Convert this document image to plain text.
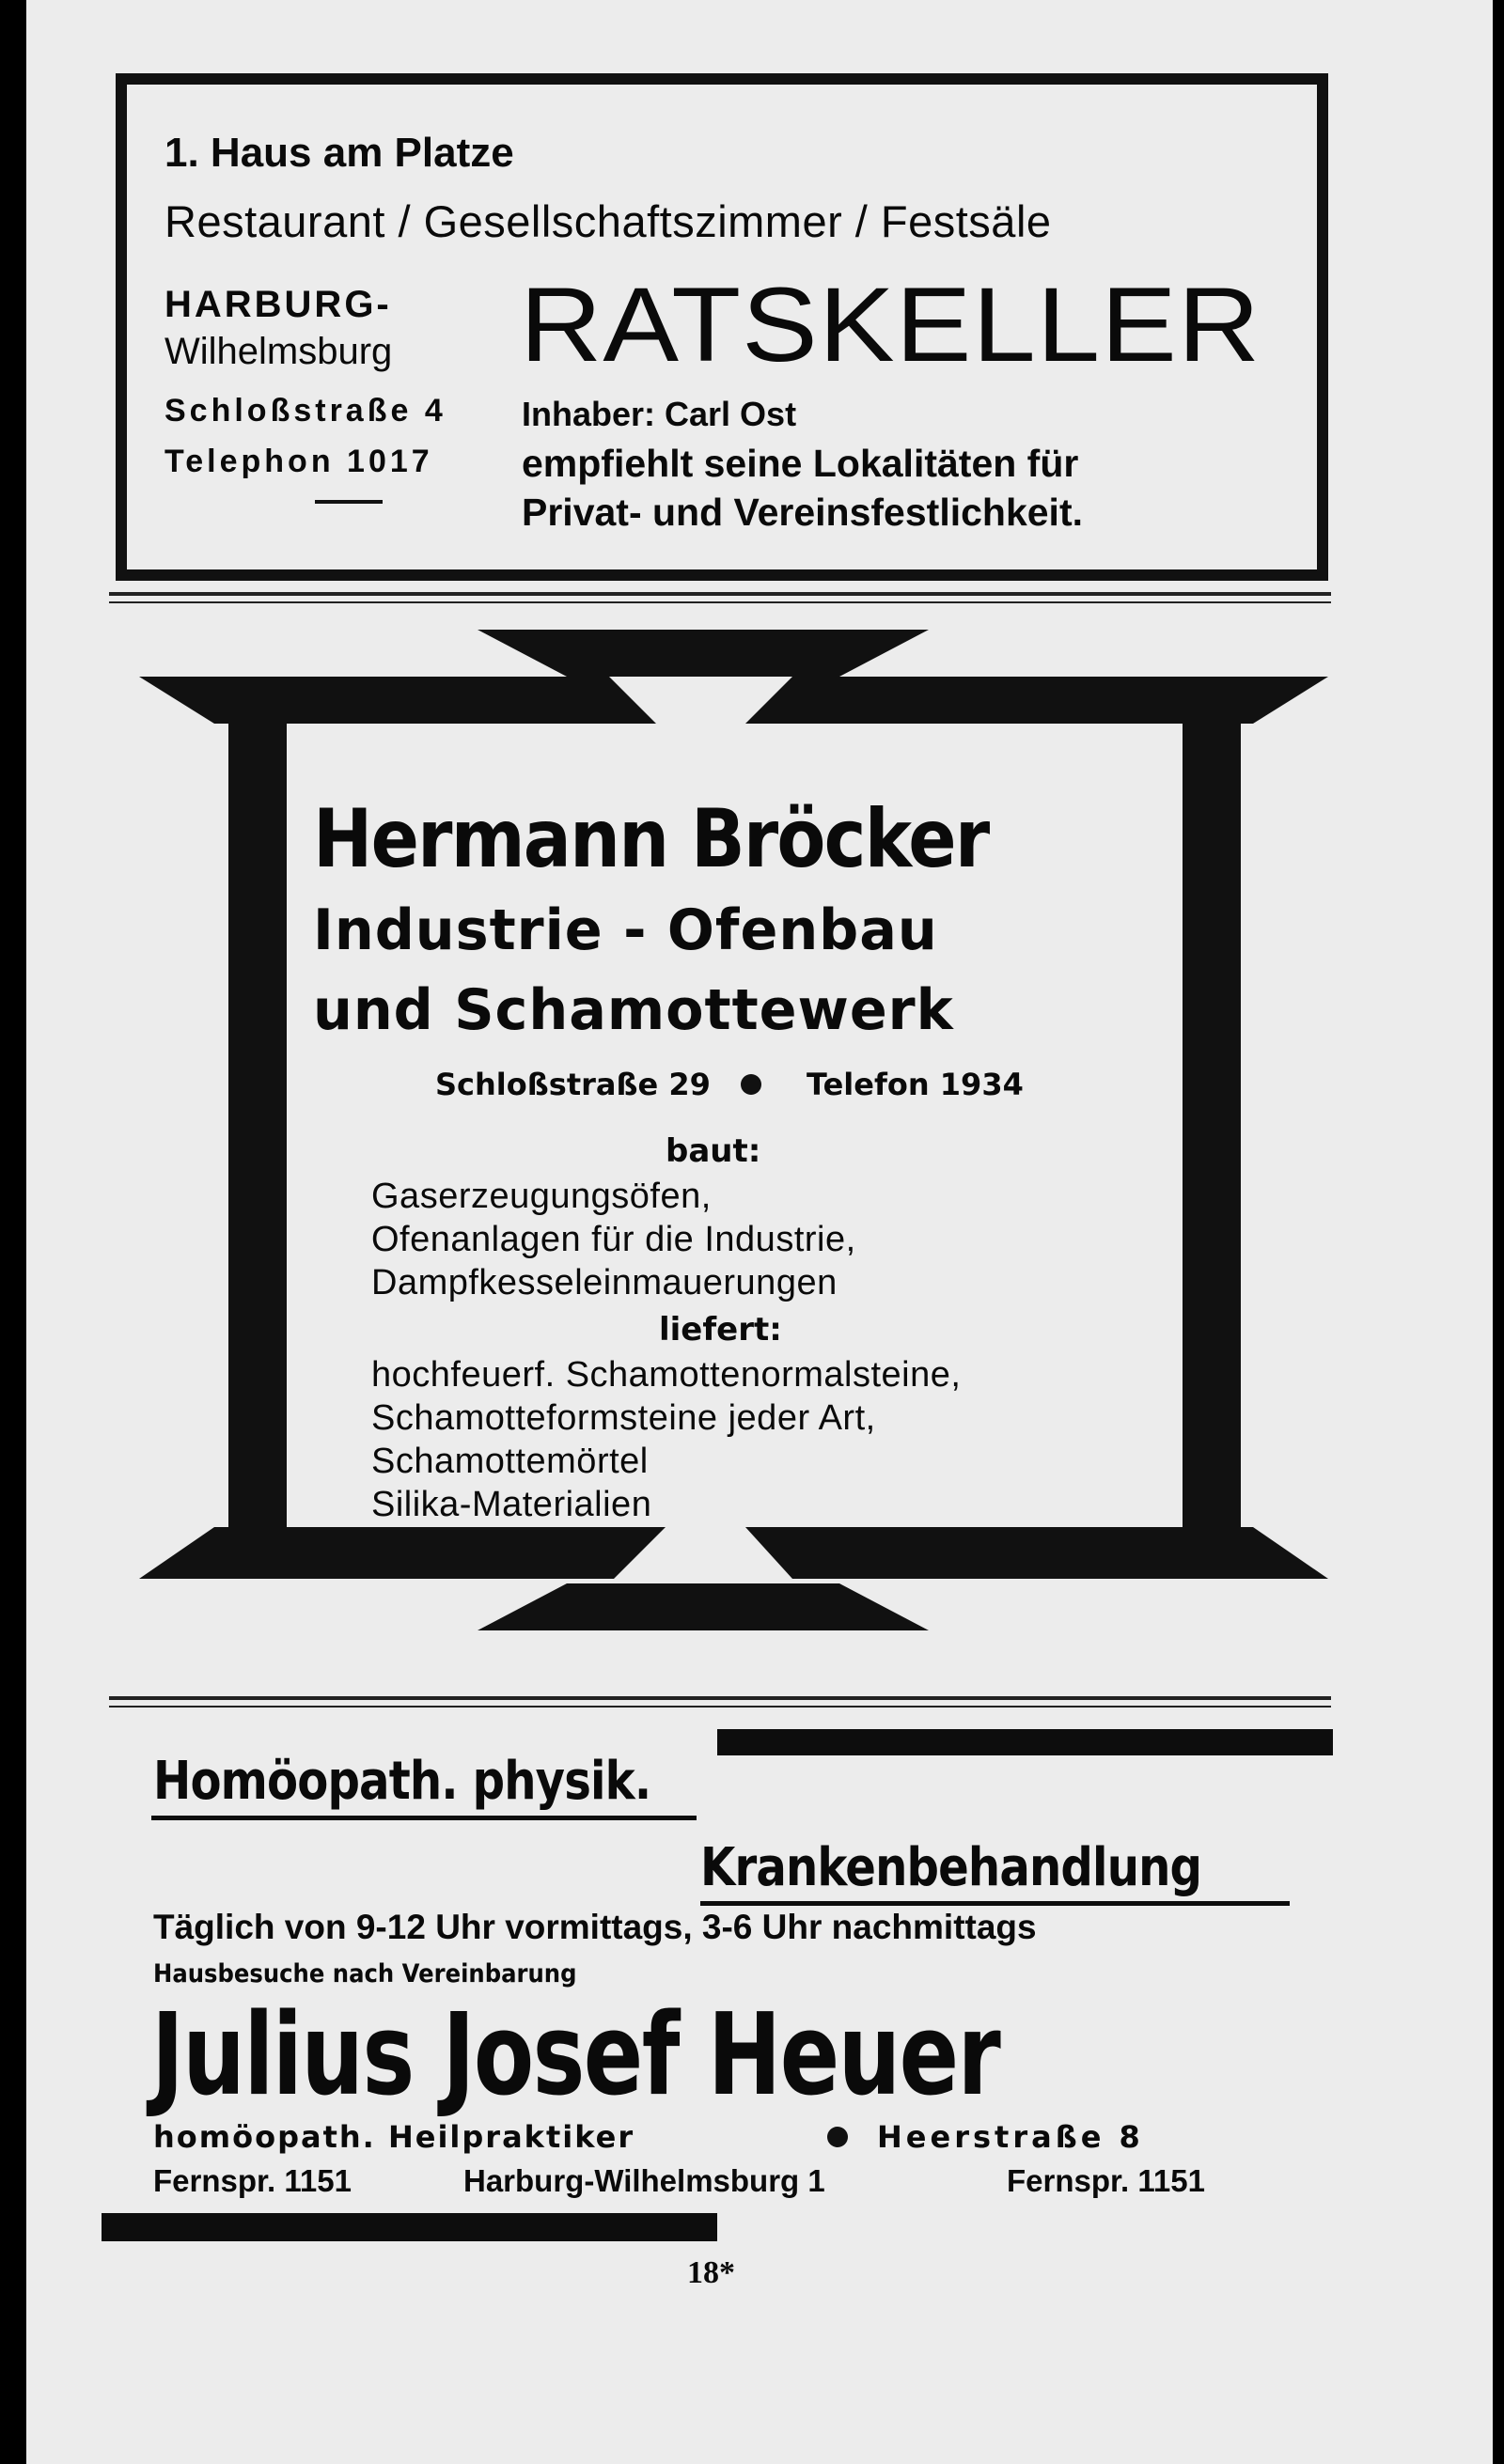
1. Haus am Platze
Restaurant / Gesellschaftszimmer / Festsäle
HARBURG-
Wilhelmsburg
Schloßstraße 4
Telephon 1017
RATSKELLER
Inhaber: Carl Ost
empfiehlt seine Lokalitäten für
Privat- und Vereinsfestlichkeit.
Hermann Bröcker
Industrie - Ofenbau
und Schamottewerk
Schloßstraße 29	Telefon 1934
baut:
Gaserzeugungsöfen,
Ofenanlagen für die Industrie,
Dampfkesseleinmauerungen
liefert:
hochfeuerf. Schamottenormalsteine,
Schamotteformsteine jeder Art,
Schamottemörtel
Silika-Materialien
Homöopath. physik.
Krankenbehandlung
Täglich von 9-12 Uhr vormittags, 3-6 Uhr nachmittags
Hausbesuche nach Vereinbarung
Julius Josef Heuer
homöopath. Heilpraktiker	Heerstraße 8
Fernspr. 1151	Harburg-Wilhelmsburg 1	Fernspr. 1151
18*
